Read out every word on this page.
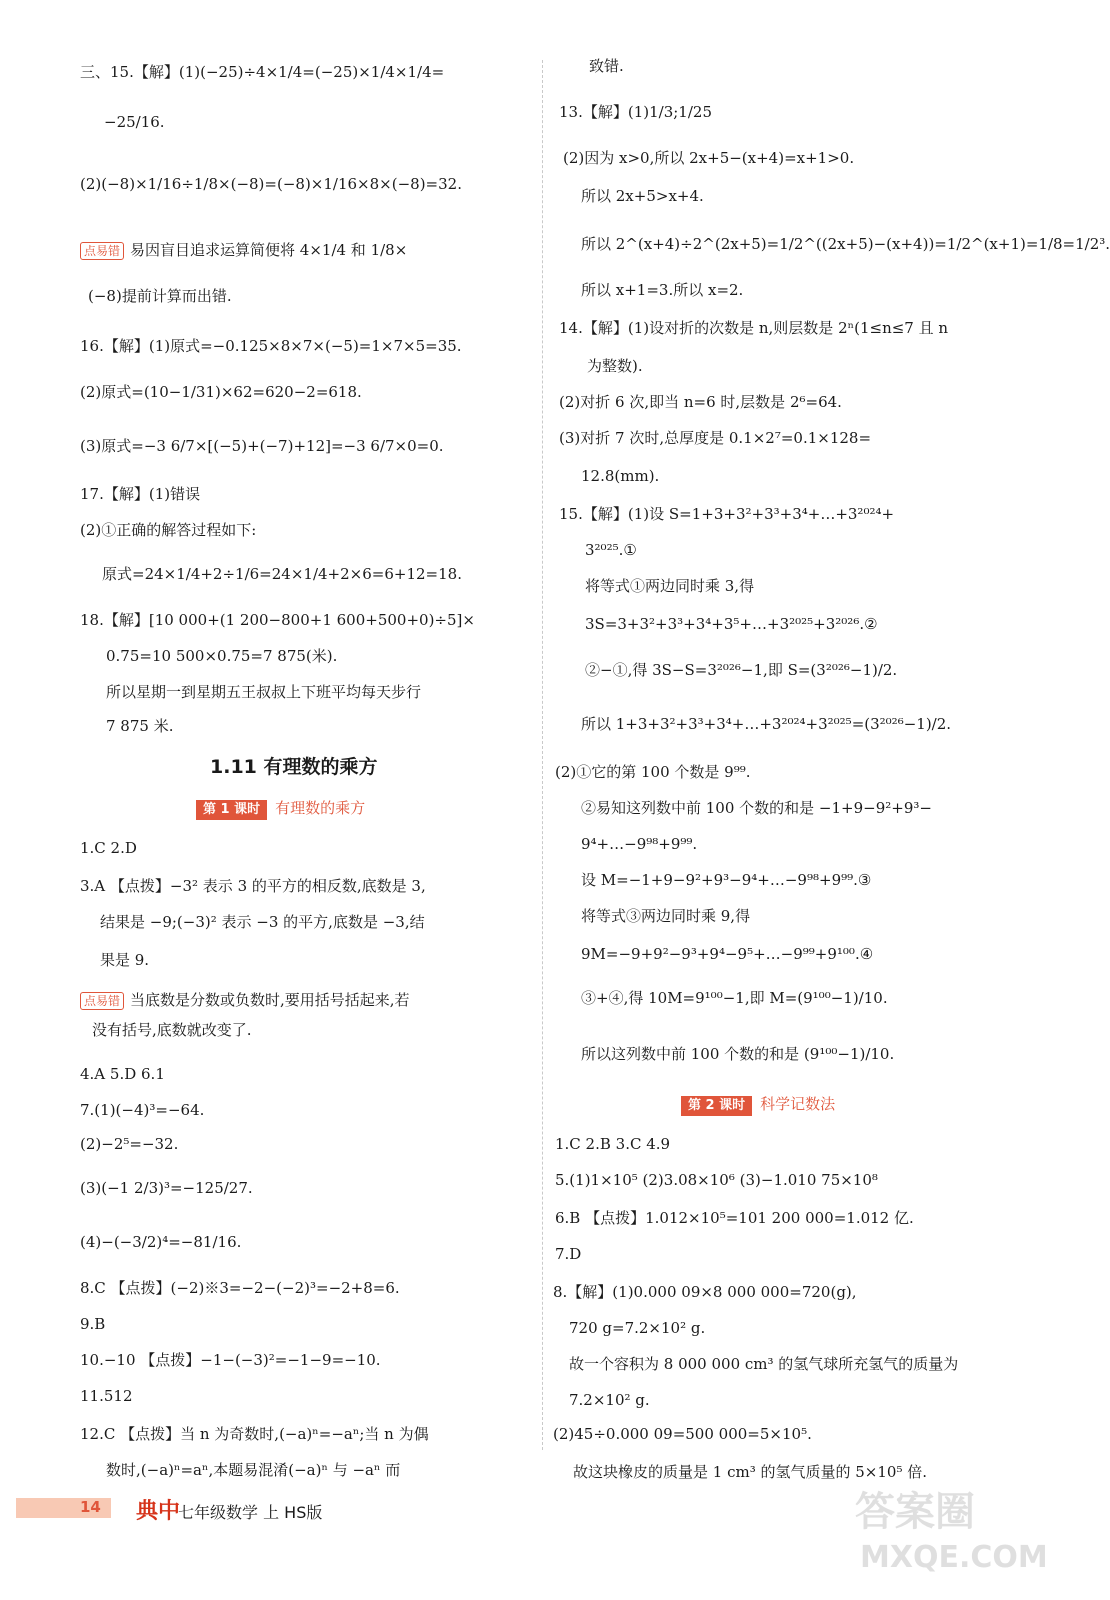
三、15.【解】(1)(−25)÷4×1/4=(−25)×1/4×1/4=
−25/16.
(2)(−8)×1/16÷1/8×(−8)=(−8)×1/16×8×(−8)=32.
点易错 易因盲目追求运算简便将 4×1/4 和 1/8×
(−8)提前计算而出错.
16.【解】(1)原式=−0.125×8×7×(−5)=1×7×5=35.
(2)原式=(10−1/31)×62=620−2=618.
(3)原式=−3 6/7×[(−5)+(−7)+12]=−3 6/7×0=0.
17.【解】(1)错误
(2)①正确的解答过程如下:
原式=24×1/4+2÷1/6=24×1/4+2×6=6+12=18.
18.【解】[10 000+(1 200−800+1 600+500+0)÷5]×
0.75=10 500×0.75=7 875(米).
所以星期一到星期五王叔叔上下班平均每天步行
7 875 米.
1.11 有理数的乘方
第 1 课时 有理数的乘方
1.C 2.D
3.A 【点拨】−3² 表示 3 的平方的相反数,底数是 3,
结果是 −9;(−3)² 表示 −3 的平方,底数是 −3,结
果是 9.
点易错 当底数是分数或负数时,要用括号括起来,若
没有括号,底数就改变了.
4.A 5.D 6.1
7.(1)(−4)³=−64.
(2)−2⁵=−32.
(3)(−1 2/3)³=−125/27.
(4)−(−3/2)⁴=−81/16.
8.C 【点拨】(−2)※3=−2−(−2)³=−2+8=6.
9.B
10.−10 【点拨】−1−(−3)²=−1−9=−10.
11.512
12.C 【点拨】当 n 为奇数时,(−a)ⁿ=−aⁿ;当 n 为偶
数时,(−a)ⁿ=aⁿ,本题易混淆(−a)ⁿ 与 −aⁿ 而
致错.
13.【解】(1)1/3;1/25
(2)因为 x>0,所以 2x+5−(x+4)=x+1>0.
所以 2x+5>x+4.
所以 2^(x+4)÷2^(2x+5)=1/2^((2x+5)−(x+4))=1/2^(x+1)=1/8=1/2³.
所以 x+1=3.所以 x=2.
14.【解】(1)设对折的次数是 n,则层数是 2ⁿ(1≤n≤7 且 n
为整数).
(2)对折 6 次,即当 n=6 时,层数是 2⁶=64.
(3)对折 7 次时,总厚度是 0.1×2⁷=0.1×128=
12.8(mm).
15.【解】(1)设 S=1+3+3²+3³+3⁴+…+3²⁰²⁴+
3²⁰²⁵.①
将等式①两边同时乘 3,得
3S=3+3²+3³+3⁴+3⁵+…+3²⁰²⁵+3²⁰²⁶.②
②−①,得 3S−S=3²⁰²⁶−1,即 S=(3²⁰²⁶−1)/2.
所以 1+3+3²+3³+3⁴+…+3²⁰²⁴+3²⁰²⁵=(3²⁰²⁶−1)/2.
(2)①它的第 100 个数是 9⁹⁹.
②易知这列数中前 100 个数的和是 −1+9−9²+9³−
9⁴+…−9⁹⁸+9⁹⁹.
设 M=−1+9−9²+9³−9⁴+…−9⁹⁸+9⁹⁹.③
将等式③两边同时乘 9,得
9M=−9+9²−9³+9⁴−9⁵+…−9⁹⁹+9¹⁰⁰.④
③+④,得 10M=9¹⁰⁰−1,即 M=(9¹⁰⁰−1)/10.
所以这列数中前 100 个数的和是 (9¹⁰⁰−1)/10.
第 2 课时 科学记数法
1.C 2.B 3.C 4.9
5.(1)1×10⁵ (2)3.08×10⁶ (3)−1.010 75×10⁸
6.B 【点拨】1.012×10⁵=101 200 000=1.012 亿.
7.D
8.【解】(1)0.000 09×8 000 000=720(g),
720 g=7.2×10² g.
故一个容积为 8 000 000 cm³ 的氢气球所充氢气的质量为
7.2×10² g.
(2)45÷0.000 09=500 000=5×10⁵.
故这块橡皮的质量是 1 cm³ 的氢气质量的 5×10⁵ 倍.
14 典中
七年级数学 上 HS版	答案圈
MXQE.COM
